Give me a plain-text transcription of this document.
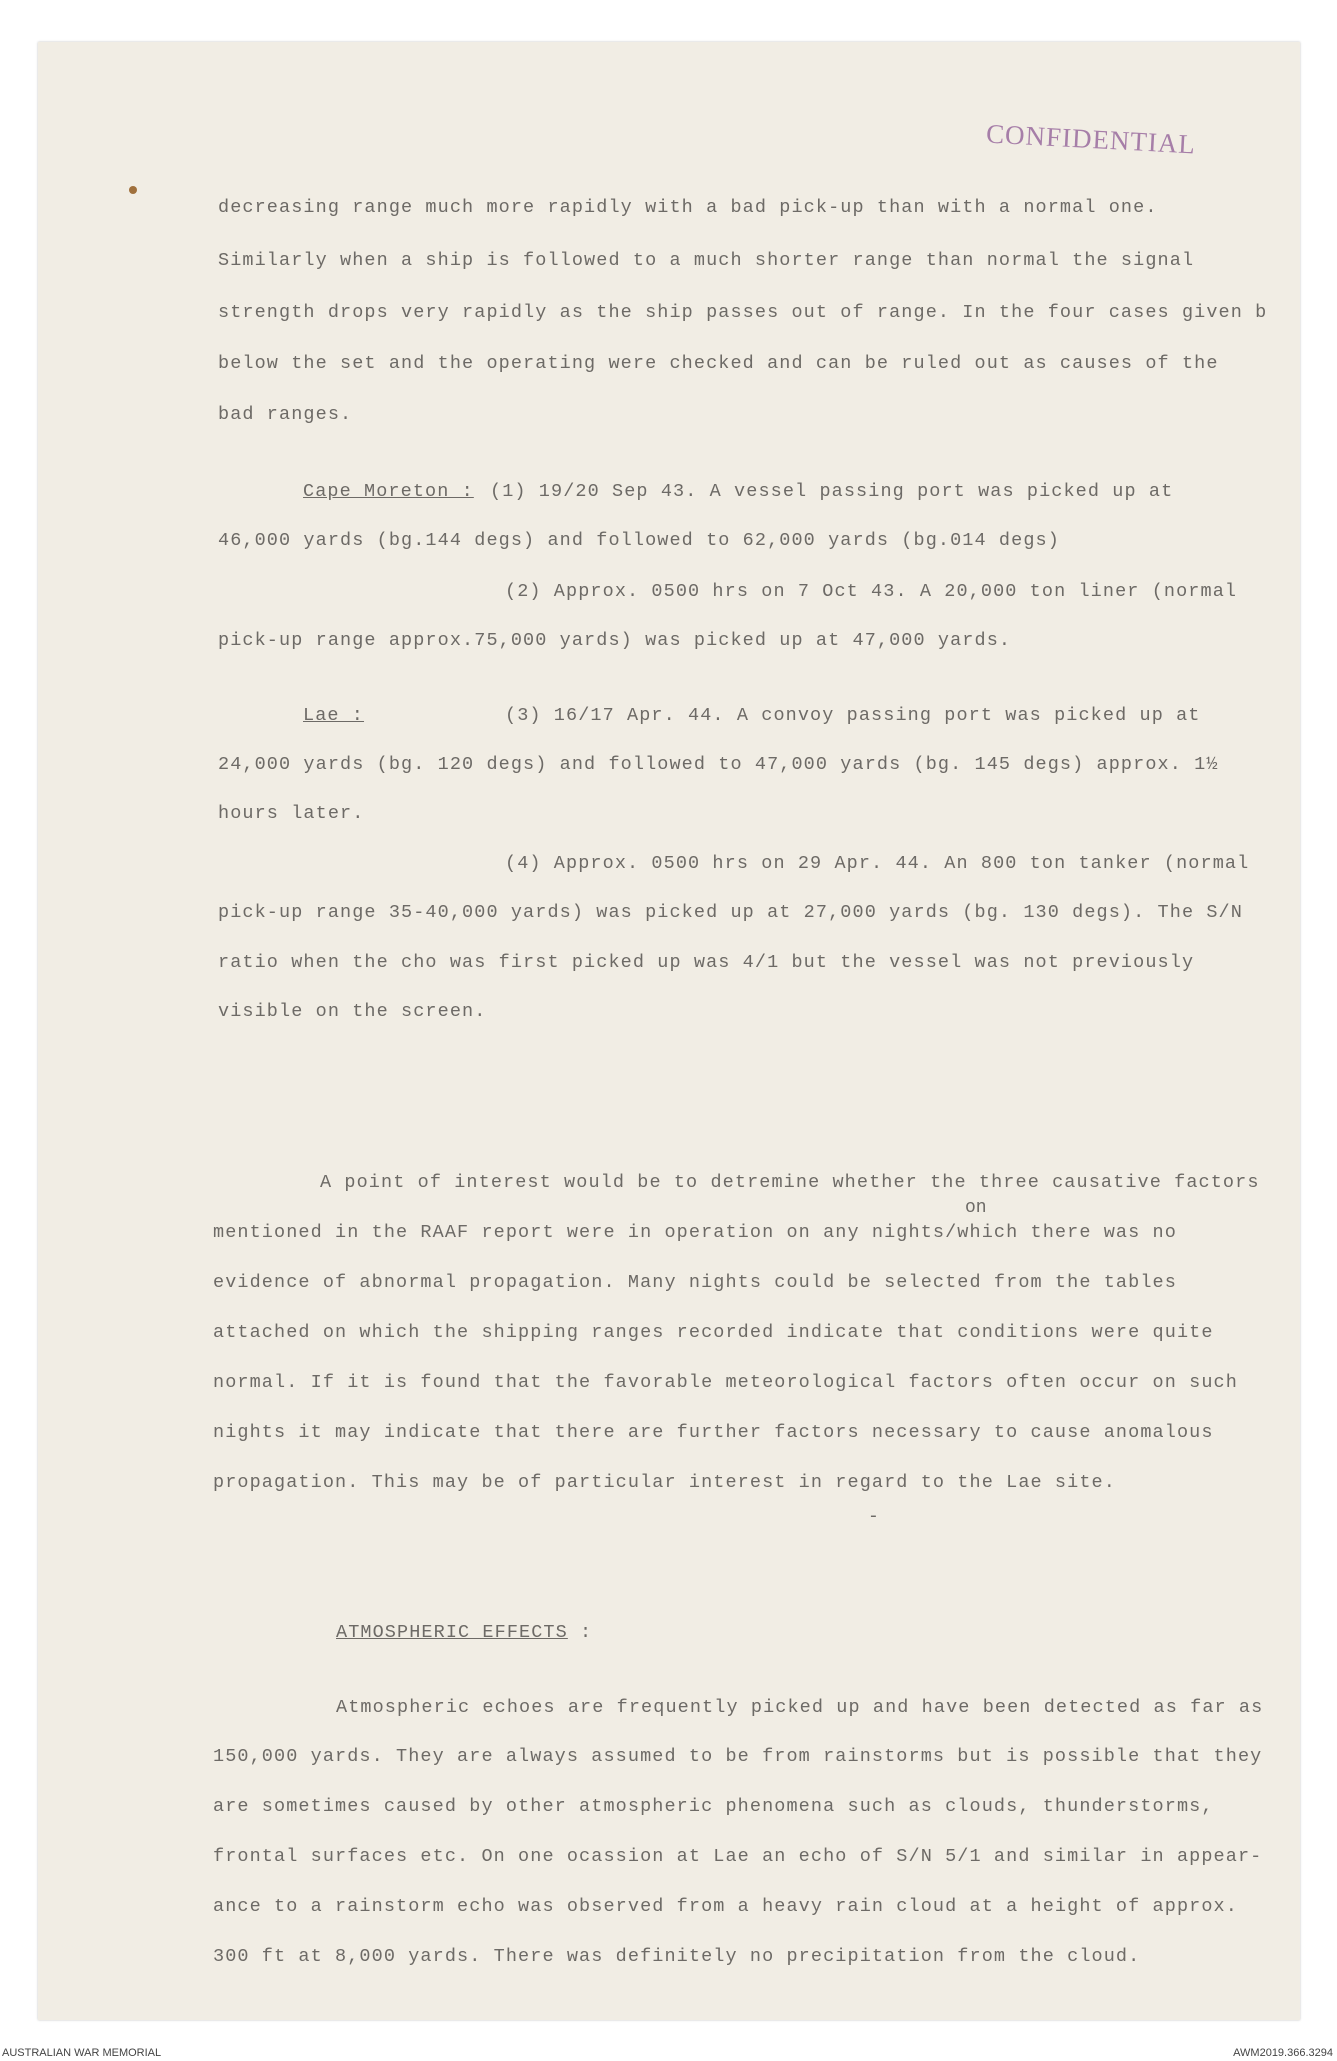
CONFIDENTIAL
decreasing range much more rapidly with a bad pick-up than with a normal one.
Similarly when a ship is followed to a much shorter range than normal the signal
strength drops very rapidly as the ship passes out of range. In the four cases given b
below the set and the operating were checked and can be ruled out as causes of the
bad ranges.
Cape Moreton : (1) 19/20 Sep 43. A vessel passing port was picked up at
46,000 yards (bg.144 degs) and followed to 62,000 yards (bg.014 degs)
(2) Approx. 0500 hrs on 7 Oct 43. A 20,000 ton liner (normal
pick-up range approx.75,000 yards) was picked up at 47,000 yards.
Lae :	(3) 16/17 Apr. 44. A convoy passing port was picked up at
24,000 yards (bg. 120 degs) and followed to 47,000 yards (bg. 145 degs) approx. 1½
hours later.
(4) Approx. 0500 hrs on 29 Apr. 44. An 800 ton tanker (normal
pick-up range 35-40,000 yards) was picked up at 27,000 yards (bg. 130 degs). The S/N
ratio when the cho was first picked up was 4/1 but the vessel was not previously
visible on the screen.
A point of interest would be to detremine whether the three causative factors
on
mentioned in the RAAF report were in operation on any nights/which there was no
evidence of abnormal propagation. Many nights could be selected from the tables
attached on which the shipping ranges recorded indicate that conditions were quite
normal. If it is found that the favorable meteorological factors often occur on such
nights it may indicate that there are further factors necessary to cause anomalous
propagation. This may be of particular interest in regard to the Lae site.
-
ATMOSPHERIC EFFECTS :
Atmospheric echoes are frequently picked up and have been detected as far as
150,000 yards. They are always assumed to be from rainstorms but is possible that they
are sometimes caused by other atmospheric phenomena such as clouds, thunderstorms,
frontal surfaces etc. On one ocassion at Lae an echo of S/N 5/1 and similar in appear-
ance to a rainstorm echo was observed from a heavy rain cloud at a height of approx.
300 ft at 8,000 yards. There was definitely no precipitation from the cloud.
AUSTRALIAN WAR MEMORIAL	AWM2019.366.3294
